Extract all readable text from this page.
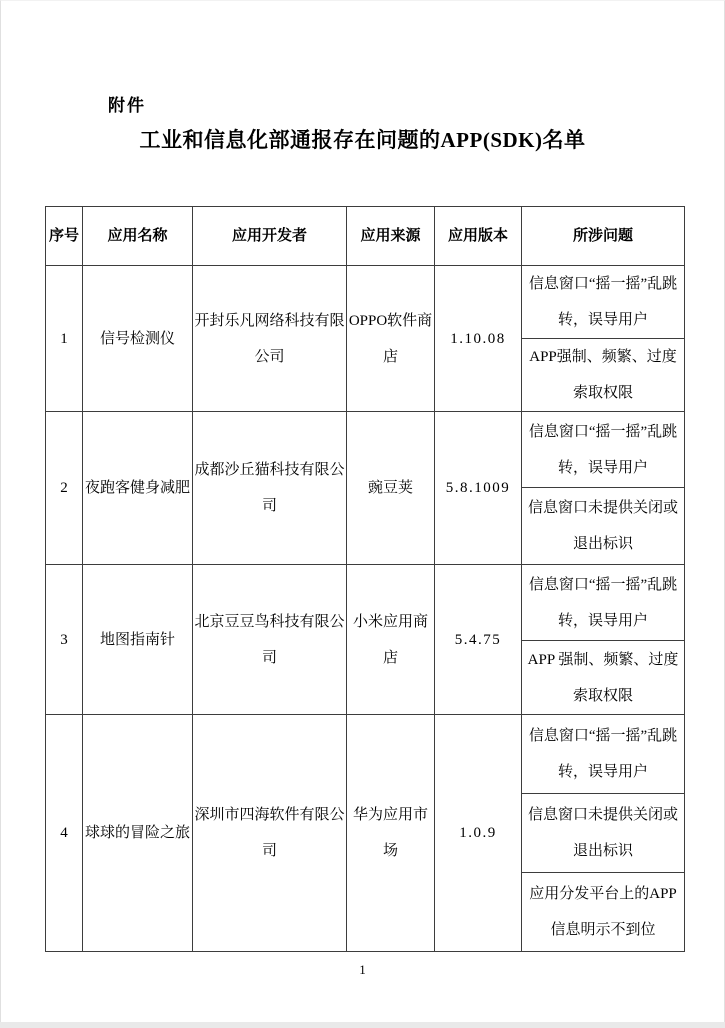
附件
工业和信息化部通报存在问题的APP(SDK)名单
序号	应用名称	应用开发者	应用来源	应用版本	所涉问题
1	信号检测仪	开封乐凡网络科技有限公司	OPPO软件商店	1.10.08	信息窗口“摇一摇”乱跳转，误导用户
					APP强制、频繁、过度索取权限
2	夜跑客健身减肥	成都沙丘猫科技有限公司	豌豆荚	5.8.1009	信息窗口“摇一摇”乱跳转，误导用户
					信息窗口未提供关闭或退出标识
3	地图指南针	北京豆豆鸟科技有限公司	小米应用商店	5.4.75	信息窗口“摇一摇”乱跳转，误导用户
					APP 强制、频繁、过度索取权限
4	球球的冒险之旅	深圳市四海软件有限公司	华为应用市场	1.0.9	信息窗口“摇一摇”乱跳转，误导用户
					信息窗口未提供关闭或退出标识
					应用分发平台上的APP 信息明示不到位
1
